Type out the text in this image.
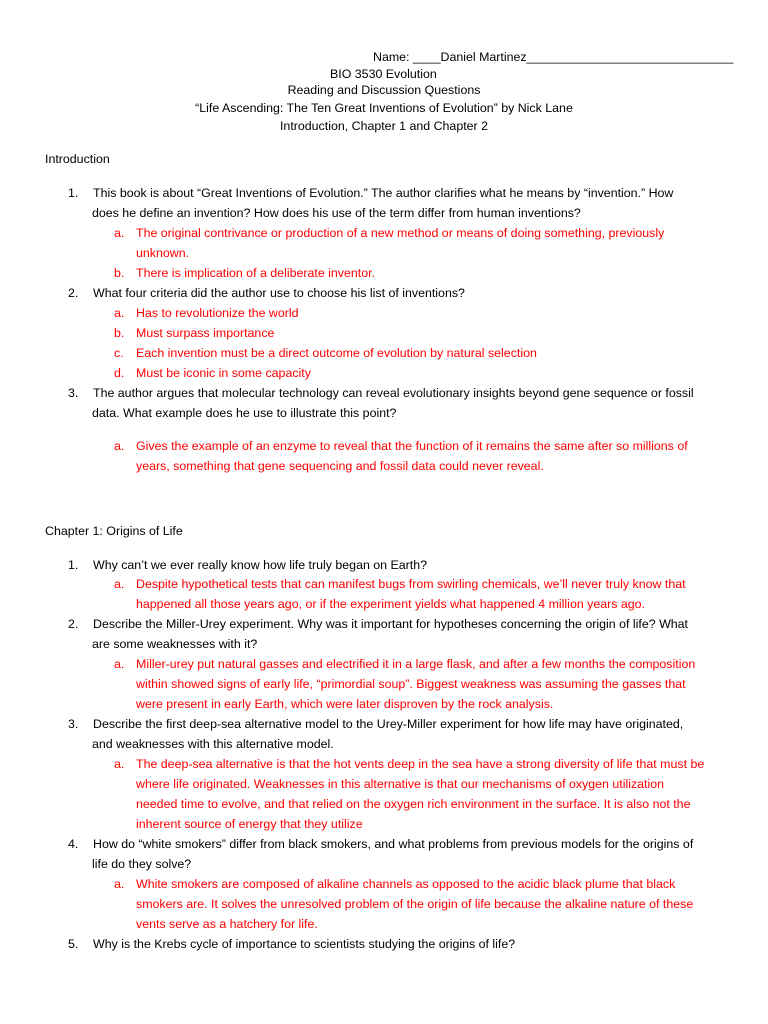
Name: ____Daniel Martinez______________________________
BIO 3530 Evolution
Reading and Discussion Questions
“Life Ascending: The Ten Great Inventions of Evolution” by Nick Lane
Introduction, Chapter 1 and Chapter 2
Introduction
1. This book is about “Great Inventions of Evolution.” The author clarifies what he means by “invention.” How
does he define an invention? How does his use of the term differ from human inventions?
a. The original contrivance or production of a new method or means of doing something, previously
unknown.
b. There is implication of a deliberate inventor.
2. What four criteria did the author use to choose his list of inventions?
a. Has to revolutionize the world
b. Must surpass importance
c. Each invention must be a direct outcome of evolution by natural selection
d. Must be iconic in some capacity
3. The author argues that molecular technology can reveal evolutionary insights beyond gene sequence or fossil
data. What example does he use to illustrate this point?
a. Gives the example of an enzyme to reveal that the function of it remains the same after so millions of
years, something that gene sequencing and fossil data could never reveal.
Chapter 1: Origins of Life
1. Why can’t we ever really know how life truly began on Earth?
a. Despite hypothetical tests that can manifest bugs from swirling chemicals, we’ll never truly know that
happened all those years ago, or if the experiment yields what happened 4 million years ago.
2. Describe the Miller-Urey experiment. Why was it important for hypotheses concerning the origin of life? What
are some weaknesses with it?
a. Miller-urey put natural gasses and electrified it in a large flask, and after a few months the composition
within showed signs of early life, “primordial soup”. Biggest weakness was assuming the gasses that
were present in early Earth, which were later disproven by the rock analysis.
3. Describe the first deep-sea alternative model to the Urey-Miller experiment for how life may have originated,
and weaknesses with this alternative model.
a. The deep-sea alternative is that the hot vents deep in the sea have a strong diversity of life that must be
where life originated. Weaknesses in this alternative is that our mechanisms of oxygen utilization
needed time to evolve, and that relied on the oxygen rich environment in the surface. It is also not the
inherent source of energy that they utilize
4. How do “white smokers” differ from black smokers, and what problems from previous models for the origins of
life do they solve?
a. White smokers are composed of alkaline channels as opposed to the acidic black plume that black
smokers are. It solves the unresolved problem of the origin of life because the alkaline nature of these
vents serve as a hatchery for life.
5. Why is the Krebs cycle of importance to scientists studying the origins of life?
